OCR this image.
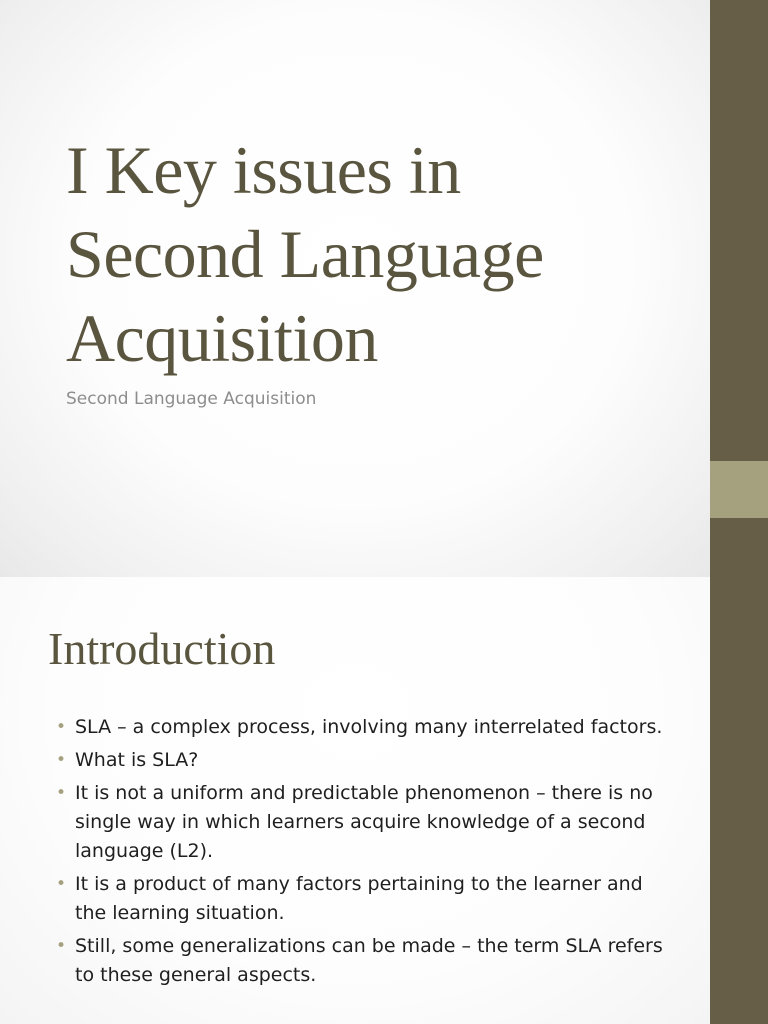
I Key issues in
Second Language
Acquisition
Second Language Acquisition
Introduction
• SLA – a complex process, involving many interrelated factors.
• What is SLA?
• It is not a uniform and predictable phenomenon – there is no single way in which learners acquire knowledge of a second language (L2).
• It is a product of many factors pertaining to the learner and the learning situation.
• Still, some generalizations can be made – the term SLA refers to these general aspects.
